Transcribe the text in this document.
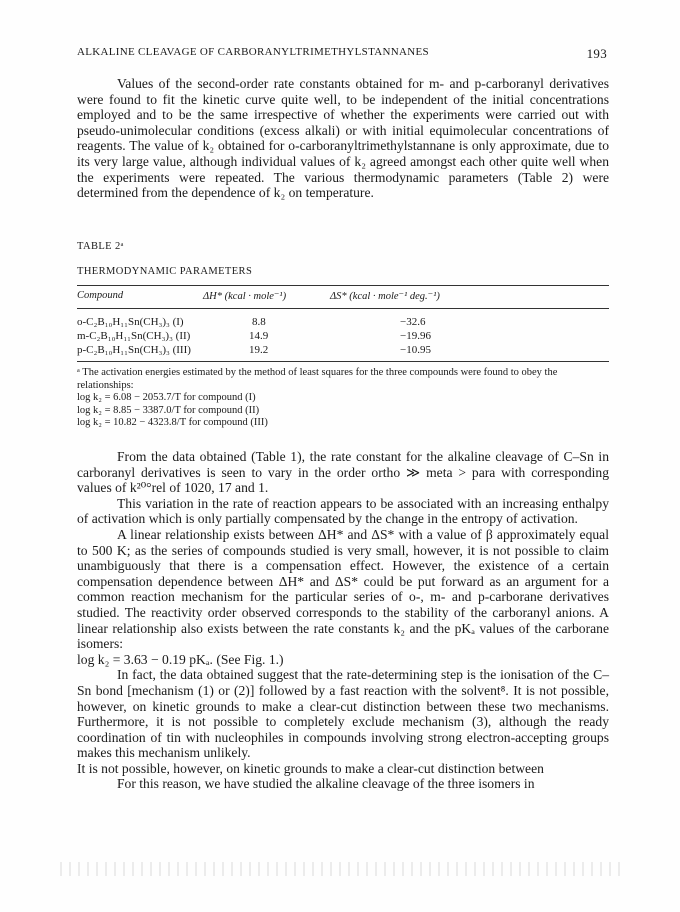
ALKALINE CLEAVAGE OF CARBORANYLTRIMETHYLSTANNANES	193

Values of the second-order rate constants obtained for m- and p-carboranyl derivatives were found to fit the kinetic curve quite well, to be independent of the initial concentrations employed and to be the same irrespective of whether the experiments were carried out with pseudo-unimolecular conditions (excess alkali) or with initial equimolecular concentrations of reagents. The value of k₂ obtained for o-carboranyltrimethylstannane is only approximate, due to its very large value, although individual values of k₂ agreed amongst each other quite well when the experiments were repeated. The various thermodynamic parameters (Table 2) were determined from the dependence of k₂ on temperature.

TABLE 2ᵃ
THERMODYNAMIC PARAMETERS
Compound	ΔH* (kcal · mole⁻¹)	ΔS* (kcal · mole⁻¹ deg.⁻¹)
o-C₂B₁₀H₁₁Sn(CH₃)₃ (I)	8.8	−32.6
m-C₂B₁₀H₁₁Sn(CH₃)₃ (II)	14.9	−19.96
p-C₂B₁₀H₁₁Sn(CH₃)₃ (III)	19.2	−10.95
ᵃ The activation energies estimated by the method of least squares for the three compounds were found to obey the relationships:
log k₂ = 6.08 − 2053.7/T for compound (I)
log k₂ = 8.85 − 3387.0/T for compound (II)
log k₂ = 10.82 − 4323.8/T for compound (III)

From the data obtained (Table 1), the rate constant for the alkaline cleavage of C–Sn in carboranyl derivatives is seen to vary in the order ortho ≫ meta > para with corresponding values of k²⁰°rel of 1020, 17 and 1.

This variation in the rate of reaction appears to be associated with an increasing enthalpy of activation which is only partially compensated by the change in the entropy of activation.

A linear relationship exists between ΔH* and ΔS* with a value of β approximately equal to 500 K; as the series of compounds studied is very small, however, it is not possible to claim unambiguously that there is a compensation effect. However, the existence of a certain compensation dependence between ΔH* and ΔS* could be put forward as an argument for a common reaction mechanism for the particular series of o-, m- and p-carborane derivatives studied. The reactivity order observed corresponds to the stability of the carboranyl anions. A linear relationship also exists between the rate constants k₂ and the pKₐ values of the carborane isomers:

log k₂ = 3.63 − 0.19 pKₐ. (See Fig. 1.)

In fact, the data obtained suggest that the rate-determining step is the ionisation of the C–Sn bond [mechanism (1) or (2)] followed by a fast reaction with the solvent⁸. It is not possible, however, on kinetic grounds to make a clear-cut distinction between these two mechanisms. Furthermore, it is not possible to completely exclude mechanism (3), although the ready coordination of tin with nucleophiles in compounds involving strong electron-accepting groups makes this mechanism unlikely.

It is not possible, however, on kinetic grounds to make a clear-cut distinction between

For this reason, we have studied the alkaline cleavage of the three isomers in
